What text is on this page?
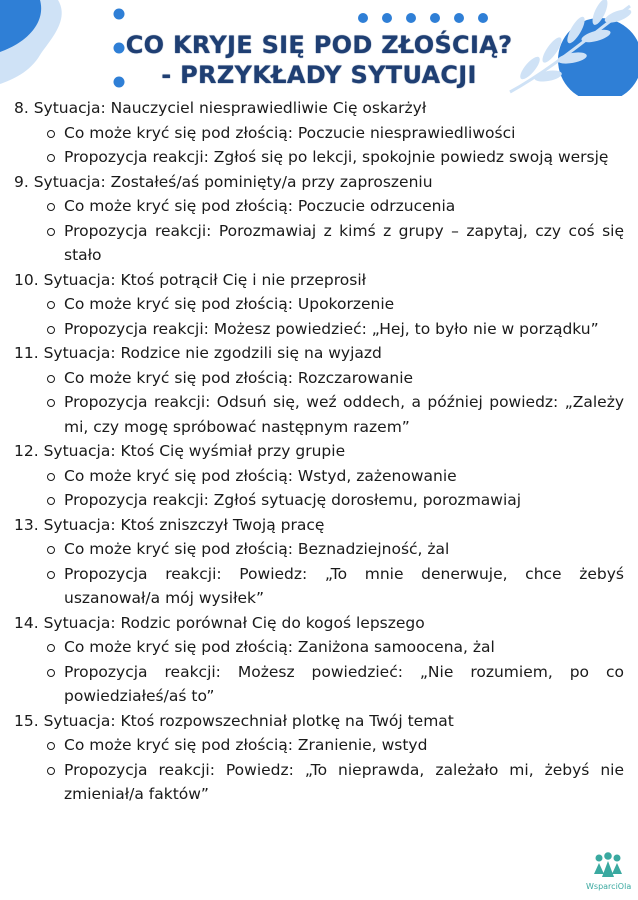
CO KRYJE SIĘ POD ZŁOŚCIĄ?
- PRZYKŁADY SYTUACJI
8. Sytuacja: Nauczyciel niesprawiedliwie Cię oskarżył
Co może kryć się pod złością: Poczucie niesprawiedliwości
Propozycja reakcji: Zgłoś się po lekcji, spokojnie powiedz swoją wersję
9. Sytuacja: Zostałeś/aś pominięty/a przy zaproszeniu
Co może kryć się pod złością: Poczucie odrzucenia
Propozycja reakcji: Porozmawiaj z kimś z grupy – zapytaj, czy coś się stało
10. Sytuacja: Ktoś potrącił Cię i nie przeprosił
Co może kryć się pod złością: Upokorzenie
Propozycja reakcji: Możesz powiedzieć: „Hej, to było nie w porządku”
11. Sytuacja: Rodzice nie zgodzili się na wyjazd
Co może kryć się pod złością: Rozczarowanie
Propozycja reakcji: Odsuń się, weź oddech, a później powiedz: „Zależy mi, czy mogę spróbować następnym razem”
12. Sytuacja: Ktoś Cię wyśmiał przy grupie
Co może kryć się pod złością: Wstyd, zażenowanie
Propozycja reakcji: Zgłoś sytuację dorosłemu, porozmawiaj
13. Sytuacja: Ktoś zniszczył Twoją pracę
Co może kryć się pod złością: Beznadziejność, żal
Propozycja reakcji: Powiedz: „To mnie denerwuje, chce żebyś uszanował/a mój wysiłek”
14. Sytuacja: Rodzic porównał Cię do kogoś lepszego
Co może kryć się pod złością: Zaniżona samoocena, żal
Propozycja reakcji: Możesz powiedzieć: „Nie rozumiem, po co powiedziałeś/aś to”
15. Sytuacja: Ktoś rozpowszechniał plotkę na Twój temat
Co może kryć się pod złością: Zranienie, wstyd
Propozycja reakcji: Powiedz: „To nieprawda, zależało mi, żebyś nie zmieniał/a faktów”
WsparciOla
